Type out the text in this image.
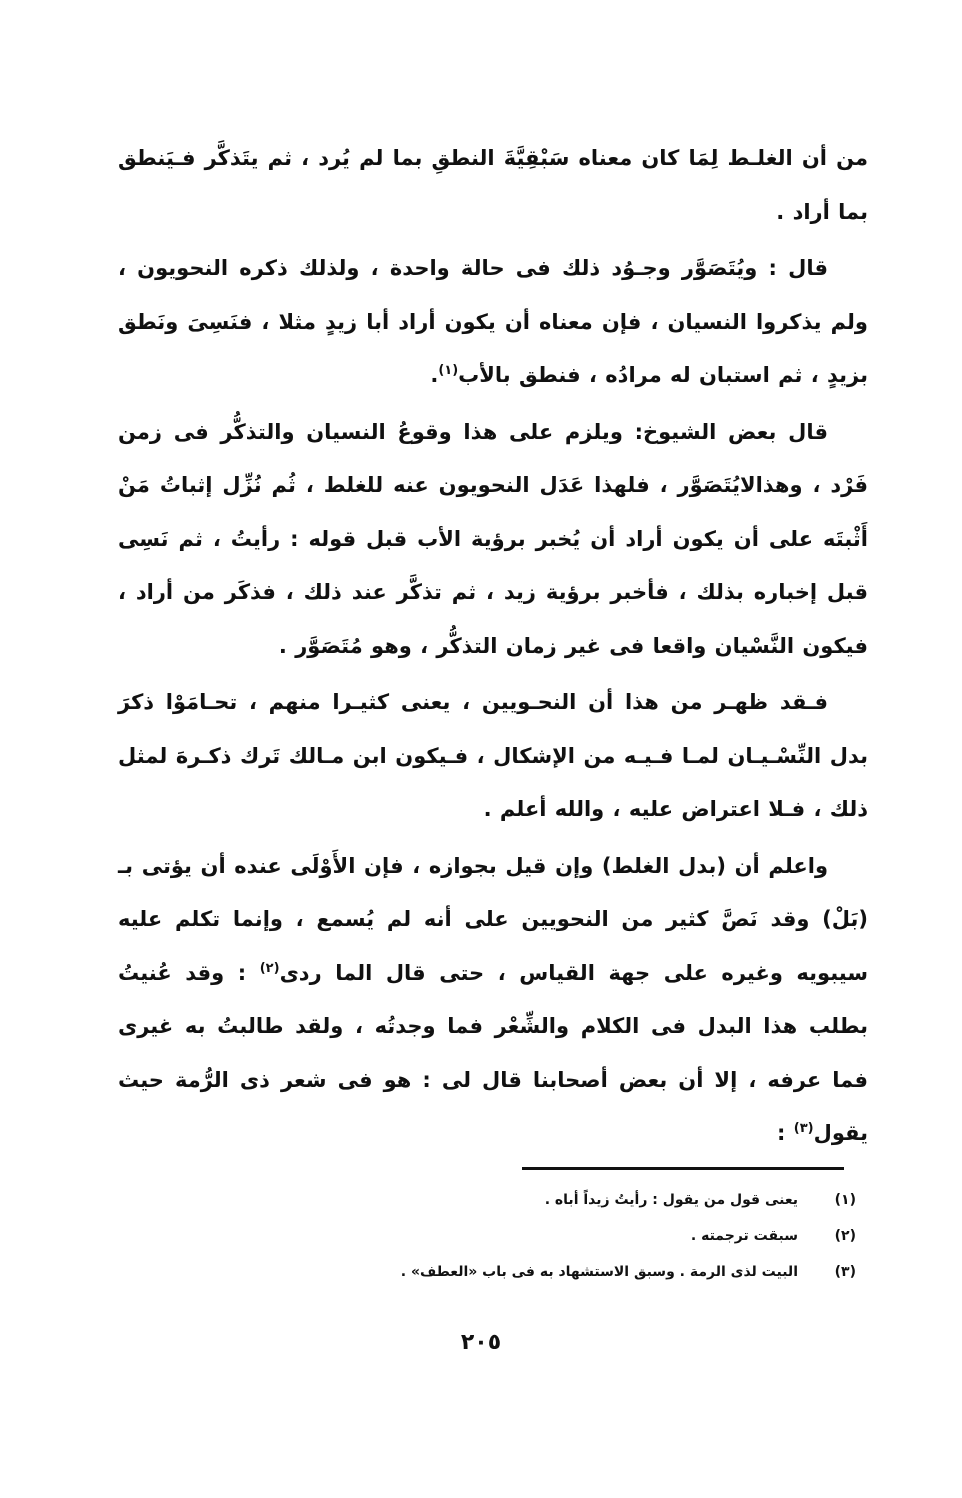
من أن الغلـط لِمَا كان معناه سَبْقِيَّةَ النطقِ بما لم يُرد ، ثم يتَذكَّر فـيَنطق بما أراد .

قال : ويُتَصَوَّر وجـوُد ذلك فى حالة واحدة ، ولذلك ذكره النحويون ، ولم يذكروا النسيان ، فإن معناه أن يكون أراد أبا زيدٍ مثلا ، فنَسِىَ ونَطق بزيدٍ ، ثم استبان له مرادُه ، فنطق بالأب$^{(١)}$.

قال بعض الشيوخ: ويلزم على هذا وقوعُ النسيان والتذكُّر فى زمن فَرْد ، وهذالايُتَصَوَّر ، فلهذا عَدَل النحويون عنه للغلط ، ثُم نُزِّل إثباتُ مَنْ أَثْبتَه على أن يكون أراد أن يُخبر برؤية الأب قبل قوله : رأيتُ ، ثم نَسِى قبل إخباره بذلك ، فأخبر برؤية زيد ، ثم تذكَّر عند ذلك ، فذكَر من أراد ، فيكون النَّسْيان واقعا فى غير زمان التذكُّر ، وهو مُتَصَوَّر .

فـقد ظهـر من هذا أن النحـويين ، يعنى كثيـرا منهم ، تحـامَوْا ذكرَ بدل النِّسْـيـان لمـا فـيـه من الإشكال ، فـيكون ابن مـالك تَرك ذكـرهَ لمثل ذلك ، فـلا اعتراض عليه ، والله أعلم .

واعلم أن (بدل الغلط) وإن قيل بجوازه ، فإن الأَوْلَى عنده أن يؤتى بـ (بَلْ) وقد نَصَّ كثير من النحويين على أنه لم يُسمع ، وإنما تكلم عليه سيبويه وغيره على جهة القياس ، حتى قال الما ردى$^{(٢)}$ : وقد عُنيتُ بطلب هذا البدل فى الكلام والشِّعْر فما وجدتُه ، ولقد طالبتُ به غيرى فما عرفه ، إلا أن بعض أصحابنا قال لى : هو فى شعر ذى الرُّمة حيث يقول$^{(٣)}$ :

(١)
يعنى قول من يقول : رأيتُ زيداً أباه .
(٢)
سبقت ترجمته .
(٣)
البيت لذى الرمة . وسبق الاستشهاد به فى باب «العطف» .
٢٠٥
